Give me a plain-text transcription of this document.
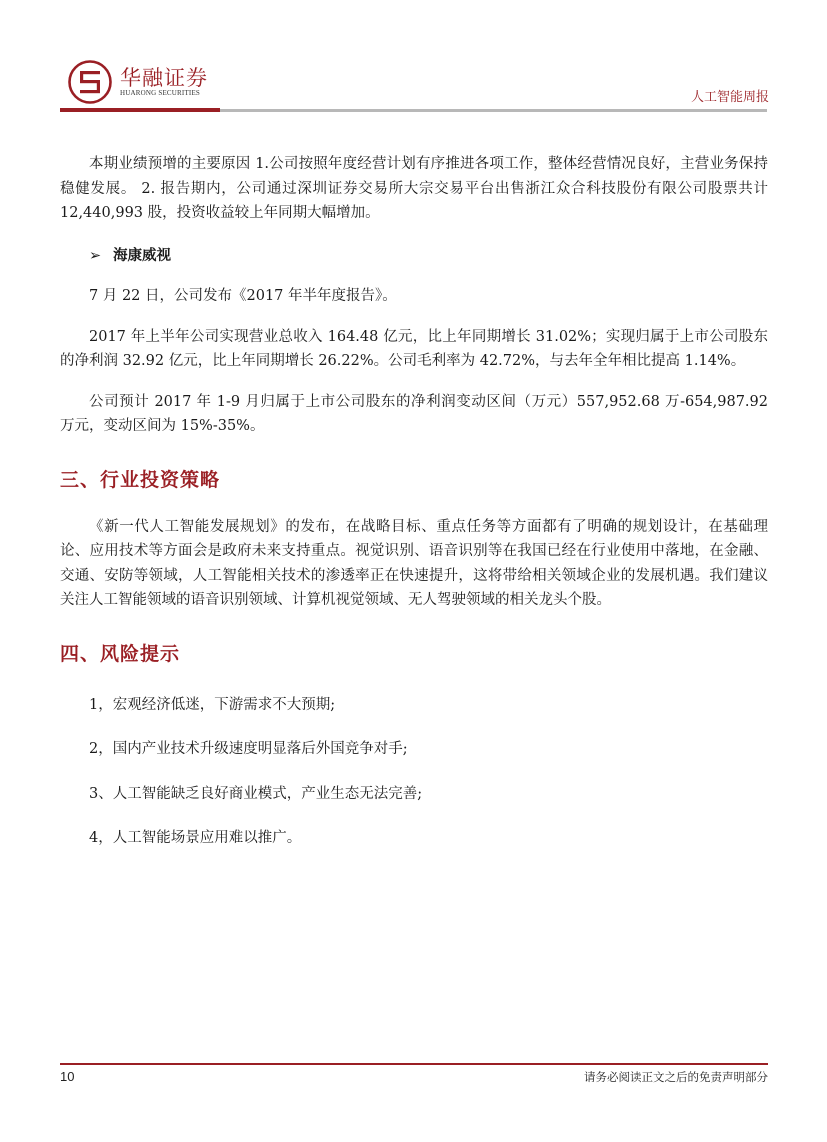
华融证券
HUARONG SECURITIES	人工智能周报

本期业绩预增的主要原因 1.公司按照年度经营计划有序推进各项工作，整体经营情况良好，主营业务保持稳健发展。 2. 报告期内，公司通过深圳证券交易所大宗交易平台出售浙江众合科技股份有限公司股票共计 12,440,993 股，投资收益较上年同期大幅增加。

➢ 海康威视

7 月 22 日，公司发布《2017 年半年度报告》。

2017 年上半年公司实现营业总收入 164.48 亿元，比上年同期增长 31.02%；实现归属于上市公司股东的净利润 32.92 亿元，比上年同期增长 26.22%。公司毛利率为 42.72%，与去年全年相比提高 1.14%。

公司预计 2017 年 1-9 月归属于上市公司股东的净利润变动区间（万元）557,952.68 万-654,987.92 万元，变动区间为 15%-35%。

三、行业投资策略

《新一代人工智能发展规划》的发布，在战略目标、重点任务等方面都有了明确的规划设计，在基础理论、应用技术等方面会是政府未来支持重点。视觉识别、语音识别等在我国已经在行业使用中落地，在金融、交通、安防等领域，人工智能相关技术的渗透率正在快速提升，这将带给相关领域企业的发展机遇。我们建议关注人工智能领域的语音识别领域、计算机视觉领域、无人驾驶领域的相关龙头个股。

四、风险提示

1，宏观经济低迷，下游需求不大预期;

2，国内产业技术升级速度明显落后外国竞争对手;

3、人工智能缺乏良好商业模式，产业生态无法完善;

4，人工智能场景应用难以推广。

10	请务必阅读正文之后的免责声明部分
